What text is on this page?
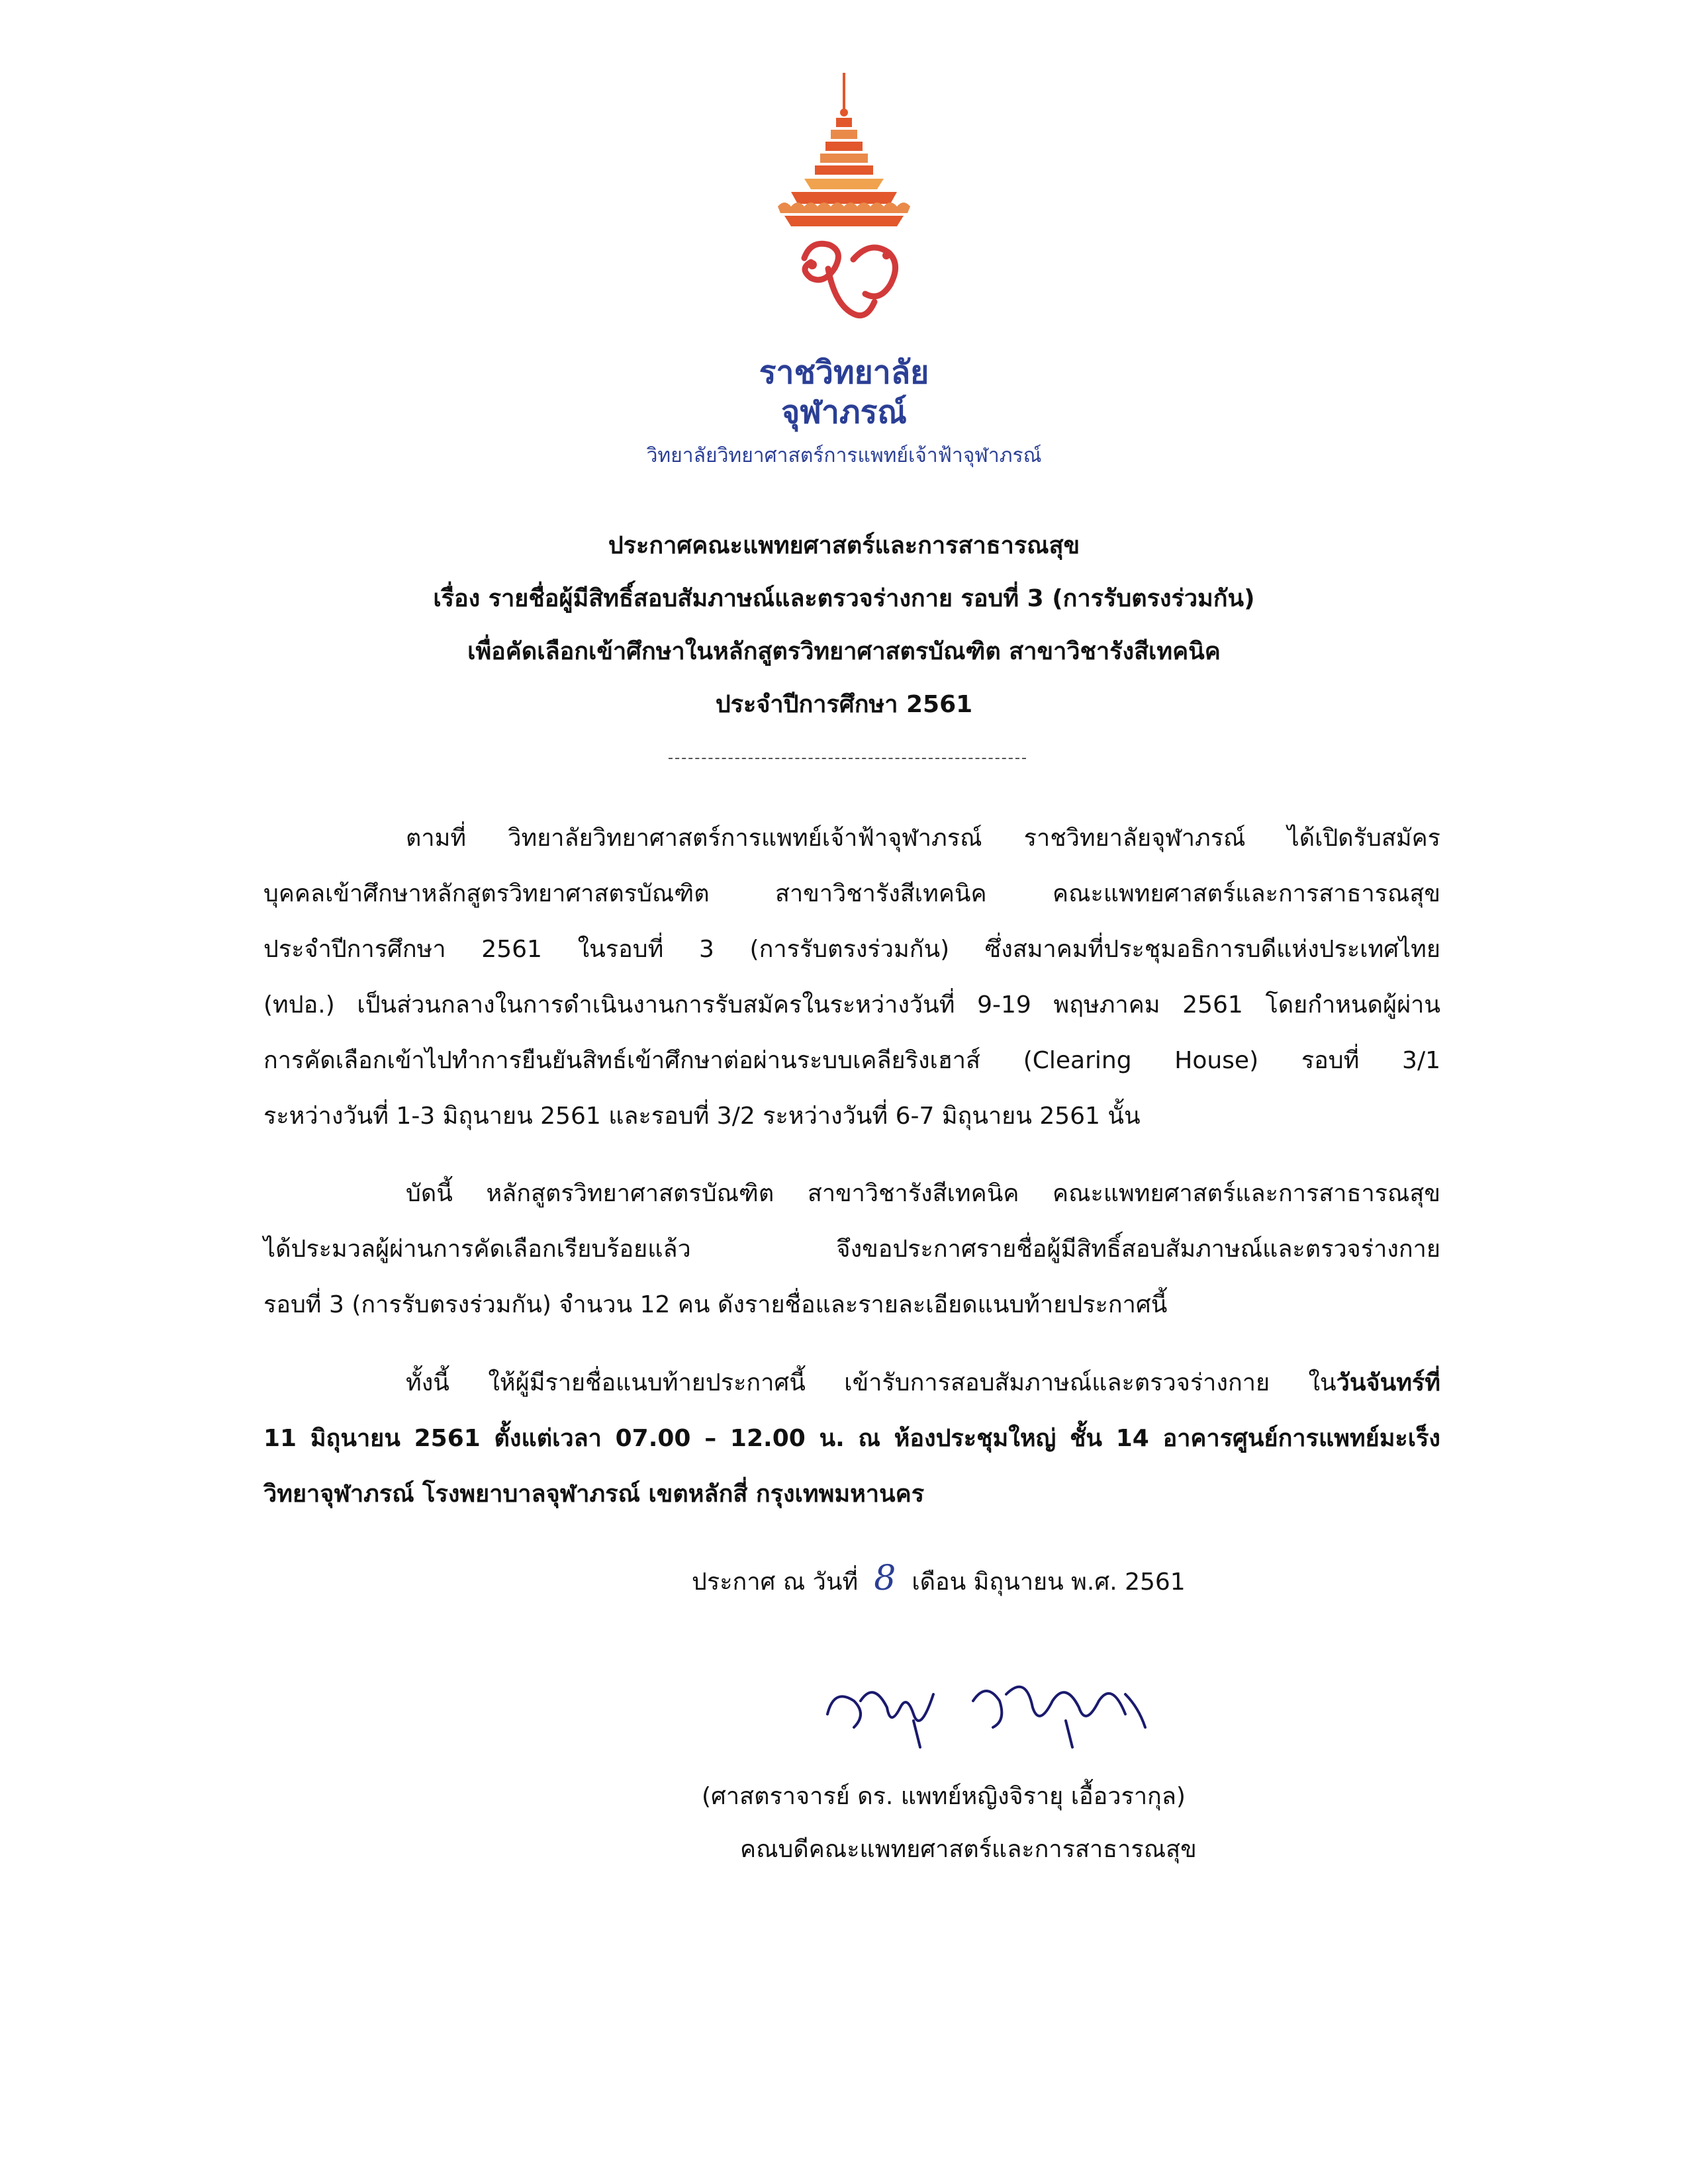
ราชวิทยาลัย
จุฬาภรณ์
วิทยาลัยวิทยาศาสตร์การแพทย์เจ้าฟ้าจุฬาภรณ์
ประกาศคณะแพทยศาสตร์และการสาธารณสุข
เรื่อง รายชื่อผู้มีสิทธิ์สอบสัมภาษณ์และตรวจร่างกาย รอบที่ 3 (การรับตรงร่วมกัน)
เพื่อคัดเลือกเข้าศึกษาในหลักสูตรวิทยาศาสตรบัณฑิต สาขาวิชารังสีเทคนิค
ประจำปีการศึกษา 2561
ตามที่ วิทยาลัยวิทยาศาสตร์การแพทย์เจ้าฟ้าจุฬาภรณ์ ราชวิทยาลัยจุฬาภรณ์ ได้เปิดรับสมัคร
บุคคลเข้าศึกษาหลักสูตรวิทยาศาสตรบัณฑิต สาขาวิชารังสีเทคนิค คณะแพทยศาสตร์และการสาธารณสุข
ประจำปีการศึกษา 2561 ในรอบที่ 3 (การรับตรงร่วมกัน) ซึ่งสมาคมที่ประชุมอธิการบดีแห่งประเทศไทย
(ทปอ.) เป็นส่วนกลางในการดำเนินงานการรับสมัครในระหว่างวันที่ 9-19 พฤษภาคม 2561 โดยกำหนดผู้ผ่าน
การคัดเลือกเข้าไปทำการยืนยันสิทธ์เข้าศึกษาต่อผ่านระบบเคลียริงเฮาส์ (Clearing House) รอบที่ 3/1
ระหว่างวันที่ 1-3 มิถุนายน 2561 และรอบที่ 3/2 ระหว่างวันที่ 6-7 มิถุนายน 2561 นั้น
บัดนี้ หลักสูตรวิทยาศาสตรบัณฑิต สาขาวิชารังสีเทคนิค คณะแพทยศาสตร์และการสาธารณสุข
ได้ประมวลผู้ผ่านการคัดเลือกเรียบร้อยแล้ว จึงขอประกาศรายชื่อผู้มีสิทธิ์สอบสัมภาษณ์และตรวจร่างกาย
รอบที่ 3 (การรับตรงร่วมกัน) จำนวน 12 คน ดังรายชื่อและรายละเอียดแนบท้ายประกาศนี้
ทั้งนี้ ให้ผู้มีรายชื่อแนบท้ายประกาศนี้ เข้ารับการสอบสัมภาษณ์และตรวจร่างกาย ในวันจันทร์ที่
11 มิถุนายน 2561 ตั้งแต่เวลา 07.00 – 12.00 น. ณ ห้องประชุมใหญ่ ชั้น 14 อาคารศูนย์การแพทย์มะเร็ง
วิทยาจุฬาภรณ์ โรงพยาบาลจุฬาภรณ์ เขตหลักสี่ กรุงเทพมหานคร
ประกาศ ณ วันที่ 8 เดือน มิถุนายน พ.ศ. 2561
(ศาสตราจารย์ ดร. แพทย์หญิงจิรายุ เอื้อวรากุล)
คณบดีคณะแพทยศาสตร์และการสาธารณสุข
